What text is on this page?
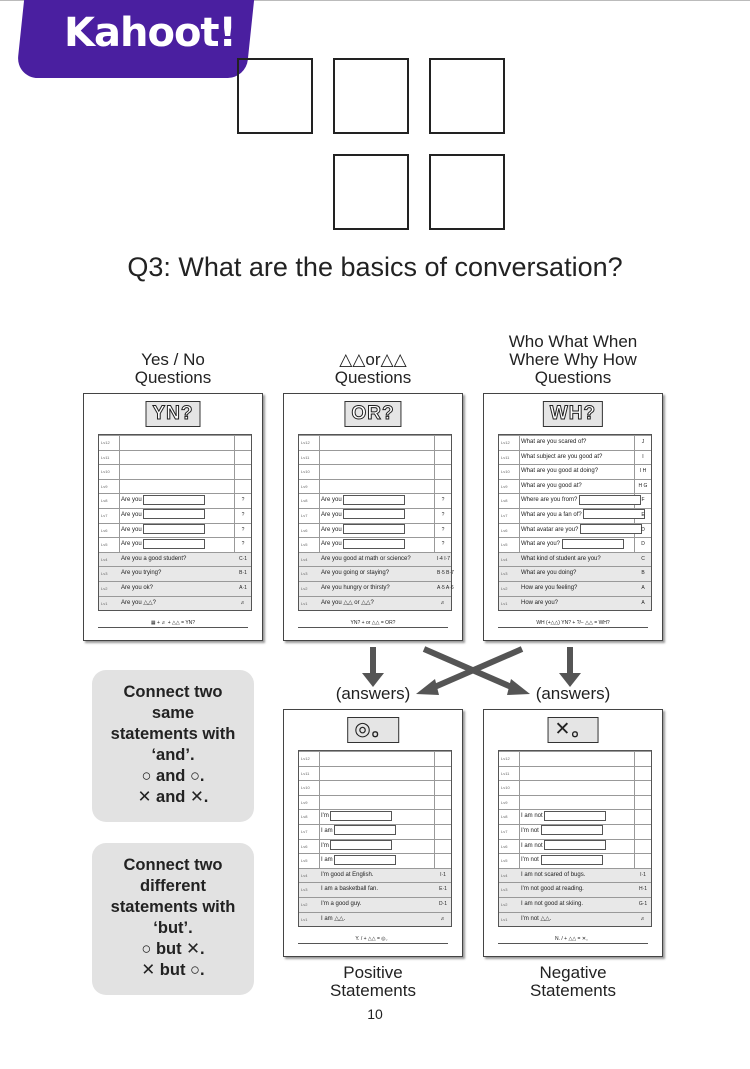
Kahoot!
Q3: What are the basics of conversation?
Yes / No
Questions
△△or△△
Questions
Who What When
Where Why How
Questions
YN?
Lv12
Lv11
Lv10
Lv9
Lv8 Are you	?
Lv7 Are you	?
Lv6 Are you	?
Lv5 Are you	?
Lv4 Are you a good student?	C·1
Lv3 Are you trying?	B·1
Lv2 Are you ok?	A·1
Lv1 Are you △△?	♬
▦ + ♬ + △△ = YN?
OR?
Lv12
Lv11
Lv10
Lv9
Lv8 Are you	?
Lv7 Are you	?
Lv6 Are you	?
Lv5 Are you	?
Lv4 Are you good at math or science?	I·4 I·7
Lv3 Are you going or staying?	B·5 B·7
Lv2 Are you hungry or thirsty?	A·5 A·6
Lv1 Are you △△ or △△?	♬
YN? + or △△ = OR?
WH?
Lv12 What are you scared of?	J
Lv11 What subject are you good at?	I
Lv10 What are you good at doing?	I H
Lv9 What are you good at?	H G
Lv8 Where are you from?	F
Lv7 What are you a fan of?	E
Lv6 What avatar are you?	D
Lv5 What are you?	D
Lv4 What kind of student are you?	C
Lv3 What are you doing?	B
Lv2 How are you feeling?	A
Lv1 How are you?	A
WH (+△△) YN? + ?/− △△ = WH?
(answers)	(answers)
Connect two
same
statements with
‘and’.
○ and ○.
✕ and ✕.
Connect two
different
statements with
‘but’.
○ but ✕.
✕ but ○.
◎。
Lv12
Lv11
Lv10
Lv9
Lv8 I'm
Lv7 I am
Lv6 I'm
Lv5 I am
Lv4 I'm good at English.	I·1
Lv3 I am a basketball fan.	E·1
Lv2 I'm a good guy.	D·1
Lv1 I am △△.	♬
Y. / + △△ = ◎。
✕。
Lv12
Lv11
Lv10
Lv9
Lv8 I am not
Lv7 I'm not
Lv6 I am not
Lv5 I'm not
Lv4 I am not scared of bugs.	I·1
Lv3 I'm not good at reading.	H·1
Lv2 I am not good at skiing.	G·1
Lv1 I'm not △△.	♬
N. / + △△ = ✕。
Positive
Statements
Negative
Statements
10
